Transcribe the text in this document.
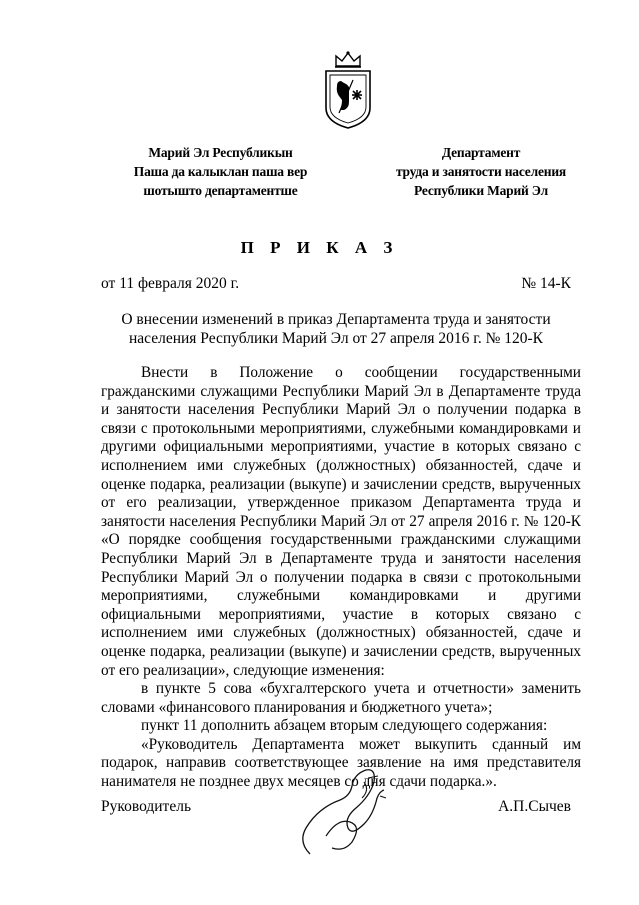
Марий Эл Республикын
Паша да калыклан паша вер
шотышто департаментше
Департамент
труда и занятости населения
Республики Марий Эл
П Р И К А З
от 11 февраля 2020 г.	№ 14-К
О внесении изменений в приказ Департамента труда и занятости
населения Республики Марий Эл от 27 апреля 2016 г. № 120-К

Внести в Положение о сообщении государственными гражданскими служащими Республики Марий Эл в Департаменте труда и занятости населения Республики Марий Эл о получении подарка в связи с протокольными мероприятиями, служебными командировками и другими официальными мероприятиями, участие в которых связано с исполнением ими служебных (должностных) обязанностей, сдаче и оценке подарка, реализации (выкупе) и зачислении средств, вырученных от его реализации, утвержденное приказом Департамента труда и занятости населения Республики Марий Эл от 27 апреля 2016 г. № 120-К «О порядке сообщения государственными гражданскими служащими Республики Марий Эл в Департаменте труда и занятости населения Республики Марий Эл о получении подарка в связи с протокольными мероприятиями, служебными командировками и другими официальными мероприятиями, участие в которых связано с исполнением ими служебных (должностных) обязанностей, сдаче и оценке подарка, реализации (выкупе) и зачислении средств, вырученных от его реализации», следующие изменения:

в пункте 5 сова «бухгалтерского учета и отчетности» заменить словами «финансового планирования и бюджетного учета»;

пункт 11 дополнить абзацем вторым следующего содержания:

«Руководитель Департамента может выкупить сданный им подарок, направив соответствующее заявление на имя представителя нанимателя не позднее двух месяцев со дня сдачи подарка.».

Руководитель	А.П.Сычев
